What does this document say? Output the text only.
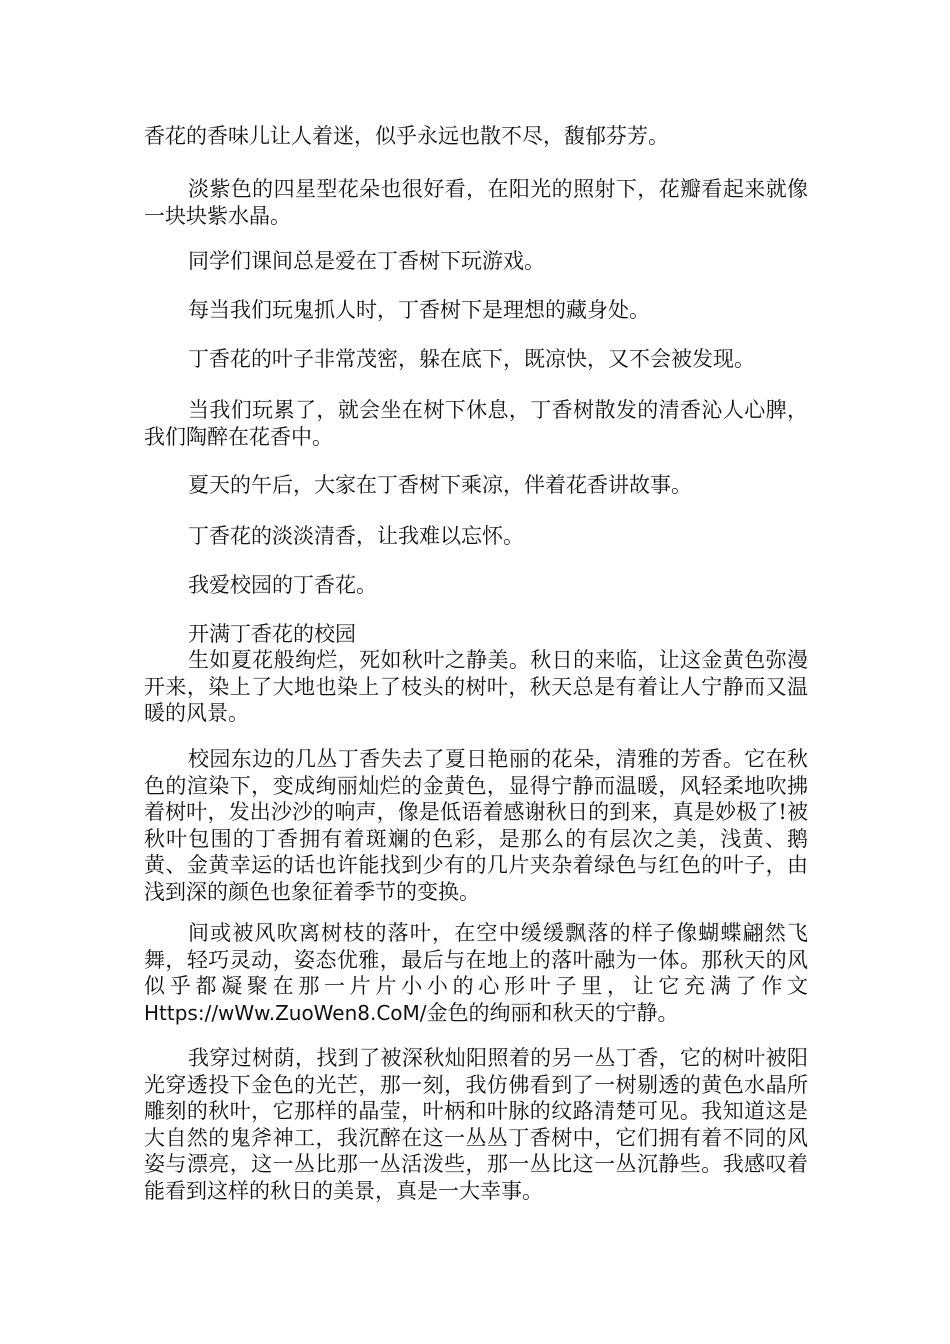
香花的香味儿让人着迷，似乎永远也散不尽，馥郁芬芳。

淡紫色的四星型花朵也很好看，在阳光的照射下，花瓣看起来就像一块块紫水晶。

同学们课间总是爱在丁香树下玩游戏。

每当我们玩鬼抓人时，丁香树下是理想的藏身处。

丁香花的叶子非常茂密，躲在底下，既凉快，又不会被发现。

当我们玩累了，就会坐在树下休息，丁香树散发的清香沁人心脾，我们陶醉在花香中。

夏天的午后，大家在丁香树下乘凉，伴着花香讲故事。

丁香花的淡淡清香，让我难以忘怀。

我爱校园的丁香花。

开满丁香花的校园

生如夏花般绚烂，死如秋叶之静美。秋日的来临，让这金黄色弥漫开来，染上了大地也染上了枝头的树叶，秋天总是有着让人宁静而又温暖的风景。

校园东边的几丛丁香失去了夏日艳丽的花朵，清雅的芳香。它在秋色的渲染下，变成绚丽灿烂的金黄色，显得宁静而温暖，风轻柔地吹拂着树叶，发出沙沙的响声，像是低语着感谢秋日的到来，真是妙极了!被秋叶包围的丁香拥有着斑斓的色彩，是那么的有层次之美，浅黄、鹅黄、金黄幸运的话也许能找到少有的几片夹杂着绿色与红色的叶子，由浅到深的颜色也象征着季节的变换。

间或被风吹离树枝的落叶，在空中缓缓飘落的样子像蝴蝶翩然飞舞，轻巧灵动，姿态优雅，最后与在地上的落叶融为一体。那秋天的风似乎都凝聚在那一片片小小的心形叶子里，让它充满了作文Https://wWw.ZuoWen8.CoM/金色的绚丽和秋天的宁静。

我穿过树荫，找到了被深秋灿阳照着的另一丛丁香，它的树叶被阳光穿透投下金色的光芒，那一刻，我仿佛看到了一树剔透的黄色水晶所雕刻的秋叶，它那样的晶莹，叶柄和叶脉的纹路清楚可见。我知道这是大自然的鬼斧神工，我沉醉在这一丛丛丁香树中，它们拥有着不同的风姿与漂亮，这一丛比那一丛活泼些，那一丛比这一丛沉静些。我感叹着能看到这样的秋日的美景，真是一大幸事。
